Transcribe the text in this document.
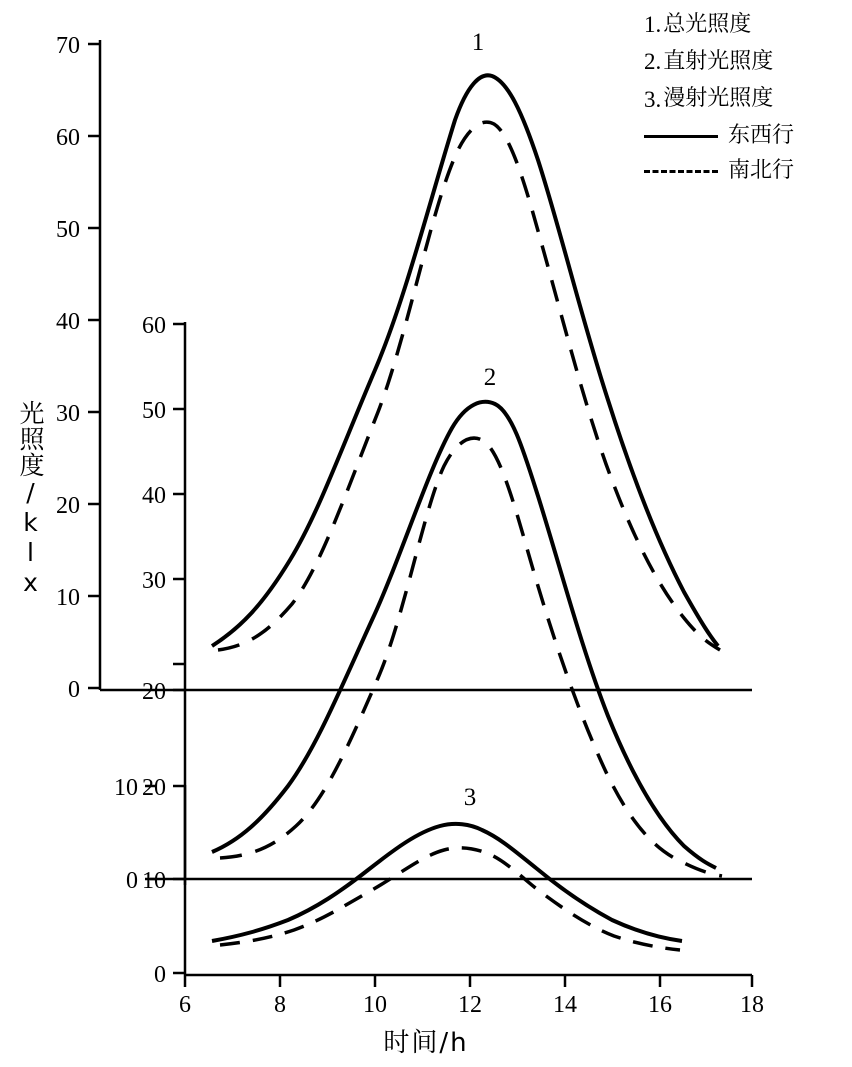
1
2
3
70
60
50
40
30
20
10
0
60
50
40
30
20
20
10
0
10
0
6	8	10	12	14	16	18
光照度/klx
时间/h
1. 总光照度
2. 直射光照度
3. 漫射光照度
东西行
南北行
